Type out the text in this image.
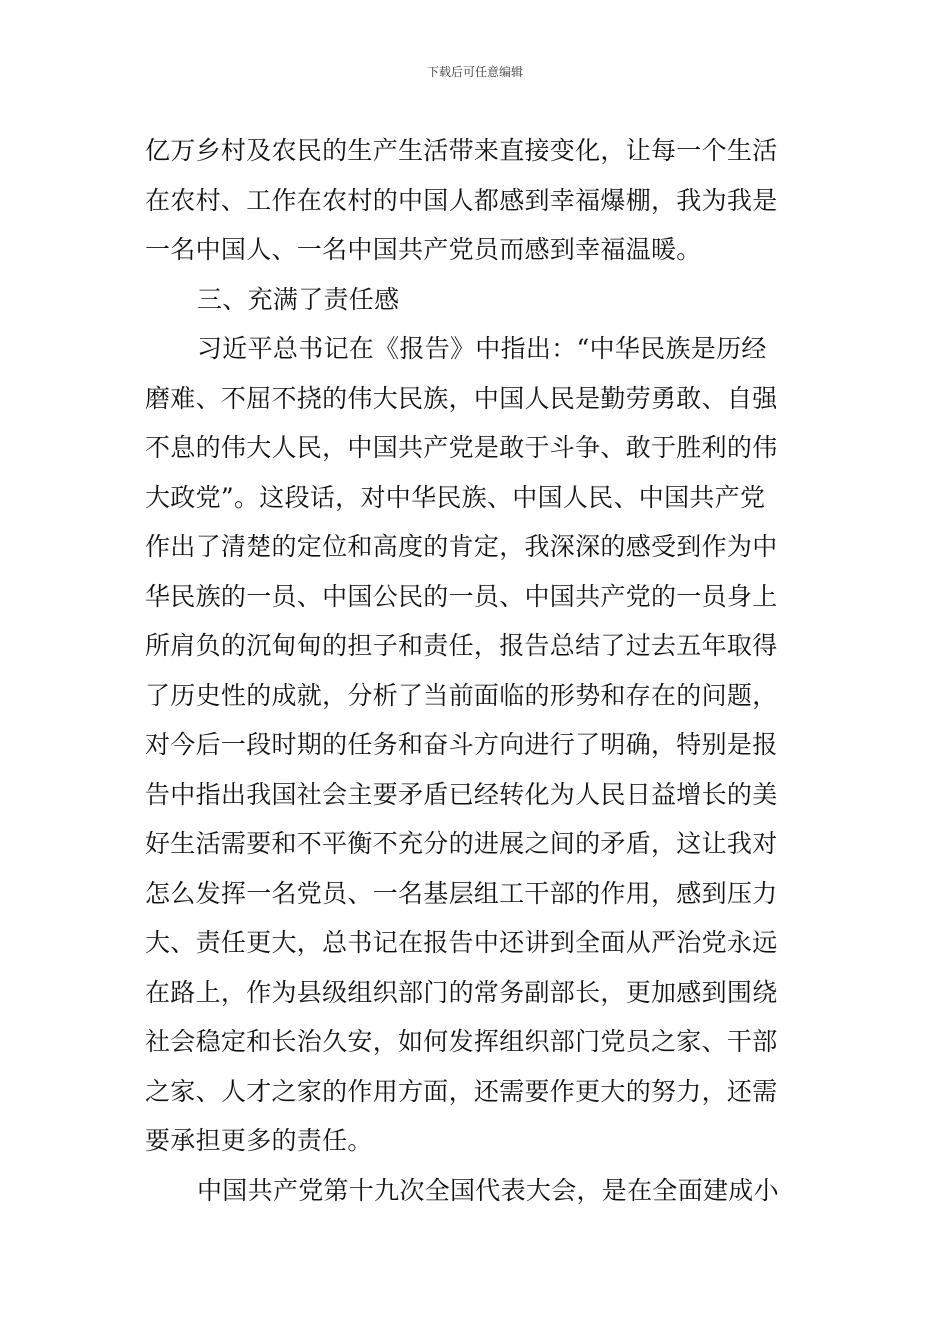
下载后可任意编辑
亿万乡村及农民的生产生活带来直接变化，让每一个生活
在农村、工作在农村的中国人都感到幸福爆棚，我为我是
一名中国人、一名中国共产党员而感到幸福温暖。
三、充满了责任感
习近平总书记在《报告》中指出：“中华民族是历经
磨难、不屈不挠的伟大民族，中国人民是勤劳勇敢、自强
不息的伟大人民，中国共产党是敢于斗争、敢于胜利的伟
大政党”。这段话，对中华民族、中国人民、中国共产党
作出了清楚的定位和高度的肯定，我深深的感受到作为中
华民族的一员、中国公民的一员、中国共产党的一员身上
所肩负的沉甸甸的担子和责任，报告总结了过去五年取得
了历史性的成就，分析了当前面临的形势和存在的问题，
对今后一段时期的任务和奋斗方向进行了明确，特别是报
告中指出我国社会主要矛盾已经转化为人民日益增长的美
好生活需要和不平衡不充分的进展之间的矛盾，这让我对
怎么发挥一名党员、一名基层组工干部的作用，感到压力
大、责任更大，总书记在报告中还讲到全面从严治党永远
在路上，作为县级组织部门的常务副部长，更加感到围绕
社会稳定和长治久安，如何发挥组织部门党员之家、干部
之家、人才之家的作用方面，还需要作更大的努力，还需
要承担更多的责任。
中国共产党第十九次全国代表大会，是在全面建成小
